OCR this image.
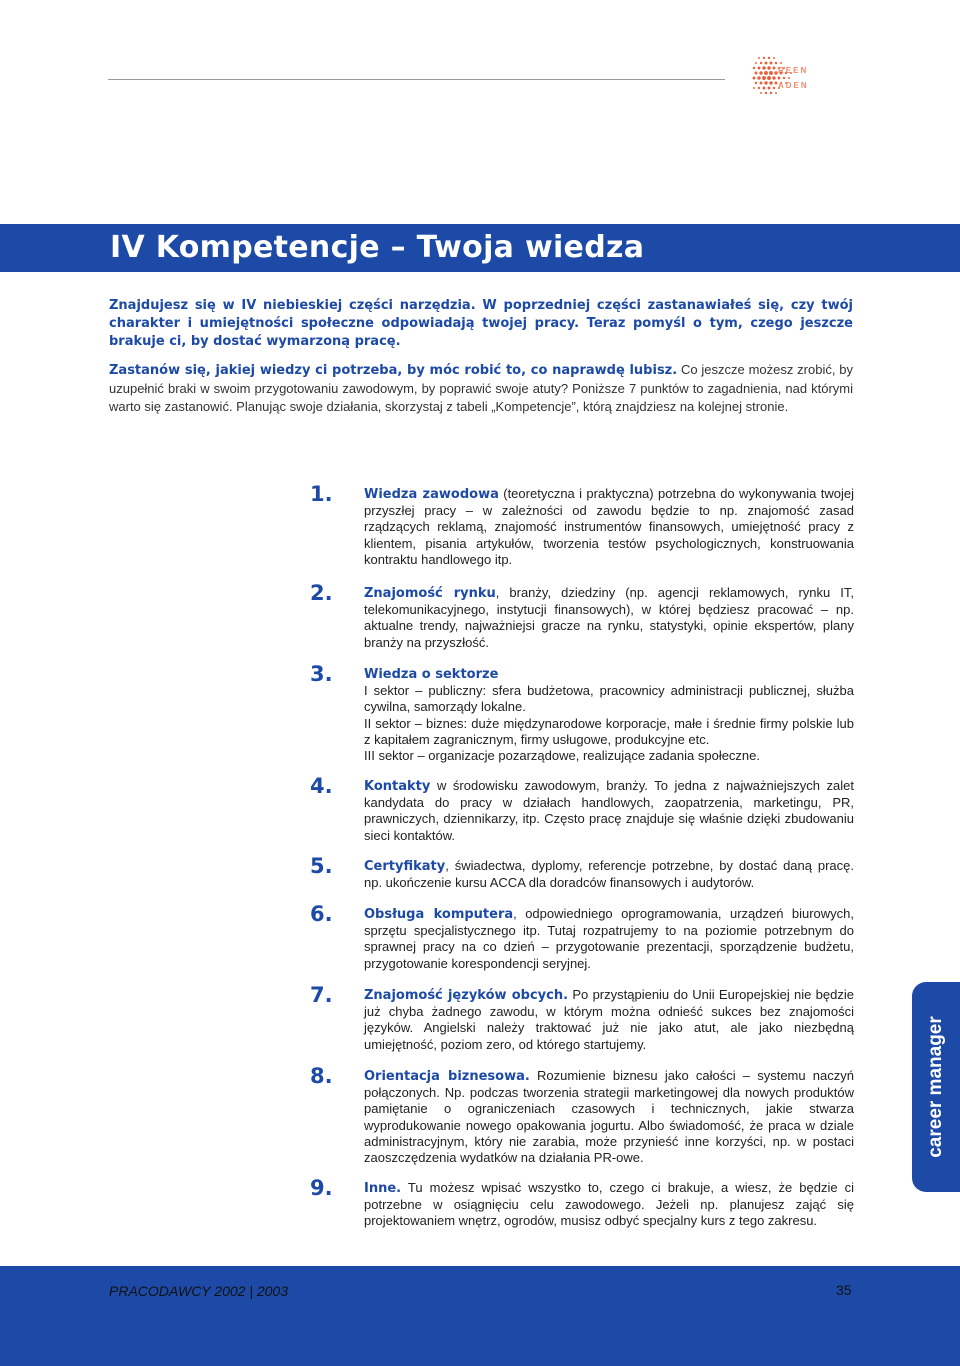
REEN
ADEN
IV Kompetencje – Twoja wiedza

Znajdujesz się w IV niebieskiej części narzędzia. W poprzedniej części zastanawiałeś się, czy twój charakter i umiejętności społeczne odpowiadają twojej pracy. Teraz pomyśl o tym, czego jeszcze brakuje ci, by dostać wymarzoną pracę.

Zastanów się, jakiej wiedzy ci potrzeba, by móc robić to, co naprawdę lubisz. Co jeszcze możesz zrobić, by uzupełnić braki w swoim przygotowaniu zawodowym, by poprawić swoje atuty? Poniższe 7 punktów to zagadnienia, nad którymi warto się zastanowić. Planując swoje działania, skorzystaj z tabeli „Kompetencje”, którą znajdziesz na kolejnej stronie.

1.	Wiedza zawodowa (teoretyczna i praktyczna) potrzebna do wykonywania twojej przyszłej pracy – w zależności od zawodu będzie to np. znajomość zasad rządzących reklamą, znajomość instrumentów finansowych, umiejętność pracy z klientem, pisania artykułów, tworzenia testów psychologicznych, konstruowania kontraktu handlowego itp.
2.	Znajomość rynku, branży, dziedziny (np. agencji reklamowych, rynku IT, telekomunikacyjnego, instytucji finansowych), w której będziesz pracować – np. aktualne trendy, najważniejsi gracze na rynku, statystyki, opinie ekspertów, plany branży na przyszłość.
3.	Wiedza o sektorze

I sektor – publiczny: sfera budżetowa, pracownicy administracji publicznej, służba cywilna, samorządy lokalne.

II sektor – biznes: duże międzynarodowe korporacje, małe i średnie firmy polskie lub z kapitałem zagranicznym, firmy usługowe, produkcyjne etc.

III sektor – organizacje pozarządowe, realizujące zadania społeczne.

4.	Kontakty w środowisku zawodowym, branży. To jedna z najważniejszych zalet kandydata do pracy w działach handlowych, zaopatrzenia, marketingu, PR, prawniczych, dziennikarzy, itp. Często pracę znajduje się właśnie dzięki zbudowaniu sieci kontaktów.
5.	Certyfikaty, świadectwa, dyplomy, referencje potrzebne, by dostać daną pracę. np. ukończenie kursu ACCA dla doradców finansowych i audytorów.
6.	Obsługa komputera, odpowiedniego oprogramowania, urządzeń biurowych, sprzętu specjalistycznego itp. Tutaj rozpatrujemy to na poziomie potrzebnym do sprawnej pracy na co dzień – przygotowanie prezentacji, sporządzenie budżetu, przygotowanie korespondencji seryjnej.
7.	Znajomość języków obcych. Po przystąpieniu do Unii Europejskiej nie będzie już chyba żadnego zawodu, w którym można odnieść sukces bez znajomości języków. Angielski należy traktować już nie jako atut, ale jako niezbędną umiejętność, poziom zero, od którego startujemy.
8.	Orientacja biznesowa. Rozumienie biznesu jako całości – systemu naczyń połączonych. Np. podczas tworzenia strategii marketingowej dla nowych produktów pamiętanie o ograniczeniach czasowych i technicznych, jakie stwarza wyprodukowanie nowego opakowania jogurtu. Albo świadomość, że praca w dziale administracyjnym, który nie zarabia, może przynieść inne korzyści, np. w postaci zaoszczędzenia wydatków na działania PR-owe.
9.	Inne. Tu możesz wpisać wszystko to, czego ci brakuje, a wiesz, że będzie ci potrzebne w osiągnięciu celu zawodowego. Jeżeli np. planujesz zająć się projektowaniem wnętrz, ogrodów, musisz odbyć specjalny kurs z tego zakresu.
career manager
PRACODAWCY 2002 | 2003	35
